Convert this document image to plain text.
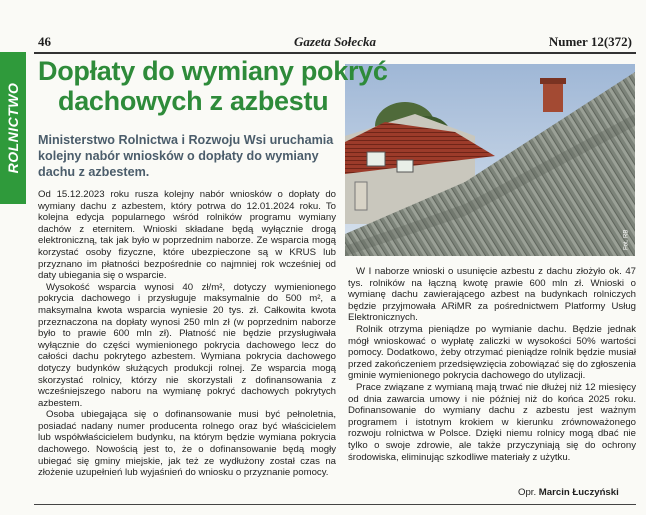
46	Gazeta Sołecka	Numer 12(372)
ROLNICTWO
Fot. RB
Dopłaty do wymiany pokryć
dachowych z azbestu
Ministerstwo Rolnictwa i Rozwoju Wsi uruchamia kolejny nabór wniosków o dopłaty do wymiany dachu z azbestem.

Od 15.12.2023 roku rusza kolejny nabór wniosków o dopłaty do wymiany dachu z azbestem, który potrwa do 12.01.2024 roku. To kolejna edycja popularnego wśród rolników programu wymiany dachów z eternitem. Wnioski składane będą wyłącznie drogą elektroniczną, tak jak było w poprzednim naborze. Ze wsparcia mogą korzystać osoby fizyczne, które ubezpieczone są w KRUS lub przyznano im płatności bezpośrednie co najmniej rok wcześniej od daty ubiegania się o wsparcie.

Wysokość wsparcia wynosi 40 zł/m², dotyczy wymienionego pokrycia dachowego i przysługuje maksymalnie do 500 m², a maksymalna kwota wsparcia wyniesie 20 tys. zł. Całkowita kwota przeznaczona na dopłaty wynosi 250 mln zł (w poprzednim naborze było to prawie 600 mln zł). Płatność nie będzie przysługiwała wyłącznie do części wymienionego pokrycia dachowego lecz do całości dachu pokrytego azbestem. Wymiana pokrycia dachowego dotyczy budynków służących produkcji rolnej. Ze wsparcia mogą skorzystać rolnicy, którzy nie skorzystali z dofinansowania z wcześniejszego naboru na wymianę pokryć dachowych pokrytych azbestem.

Osoba ubiegająca się o dofinansowanie musi być pełnoletnia, posiadać nadany numer producenta rolnego oraz być właścicielem lub współwłaścicielem budynku, na którym będzie wymiana pokrycia dachowego. Nowością jest to, że o dofinansowanie będą mogły ubiegać się gminy miejskie, jak też ze wydłużony został czas na złożenie uzupełnień lub wyjaśnień do wniosku o przyznanie pomocy.

W I naborze wnioski o usunięcie azbestu z dachu złożyło ok. 47 tys. rolników na łączną kwotę prawie 600 mln zł. Wnioski o wymianę dachu zawierającego azbest na budynkach rolniczych będzie przyjmowała ARiMR za pośrednictwem Platformy Usług Elektronicznych.

Rolnik otrzyma pieniądze po wymianie dachu. Będzie jednak mógł wnioskować o wypłatę zaliczki w wysokości 50% wartości pomocy. Dodatkowo, żeby otrzymać pieniądze rolnik będzie musiał przed zakończeniem przedsięwzięcia zobowiązać się do zgłoszenia gminie wymienionego pokrycia dachowego do utylizacji.

Prace związane z wymianą mają trwać nie dłużej niż 12 miesięcy od dnia zawarcia umowy i nie później niż do końca 2025 roku. Dofinansowanie do wymiany dachu z azbestu jest ważnym programem i istotnym krokiem w kierunku zrównoważonego rozwoju rolnictwa w Polsce. Dzięki niemu rolnicy mogą dbać nie tylko o swoje zdrowie, ale także przyczyniają się do ochrony środowiska, eliminując szkodliwe materiały z użytku.

Opr. Marcin Łuczyński
